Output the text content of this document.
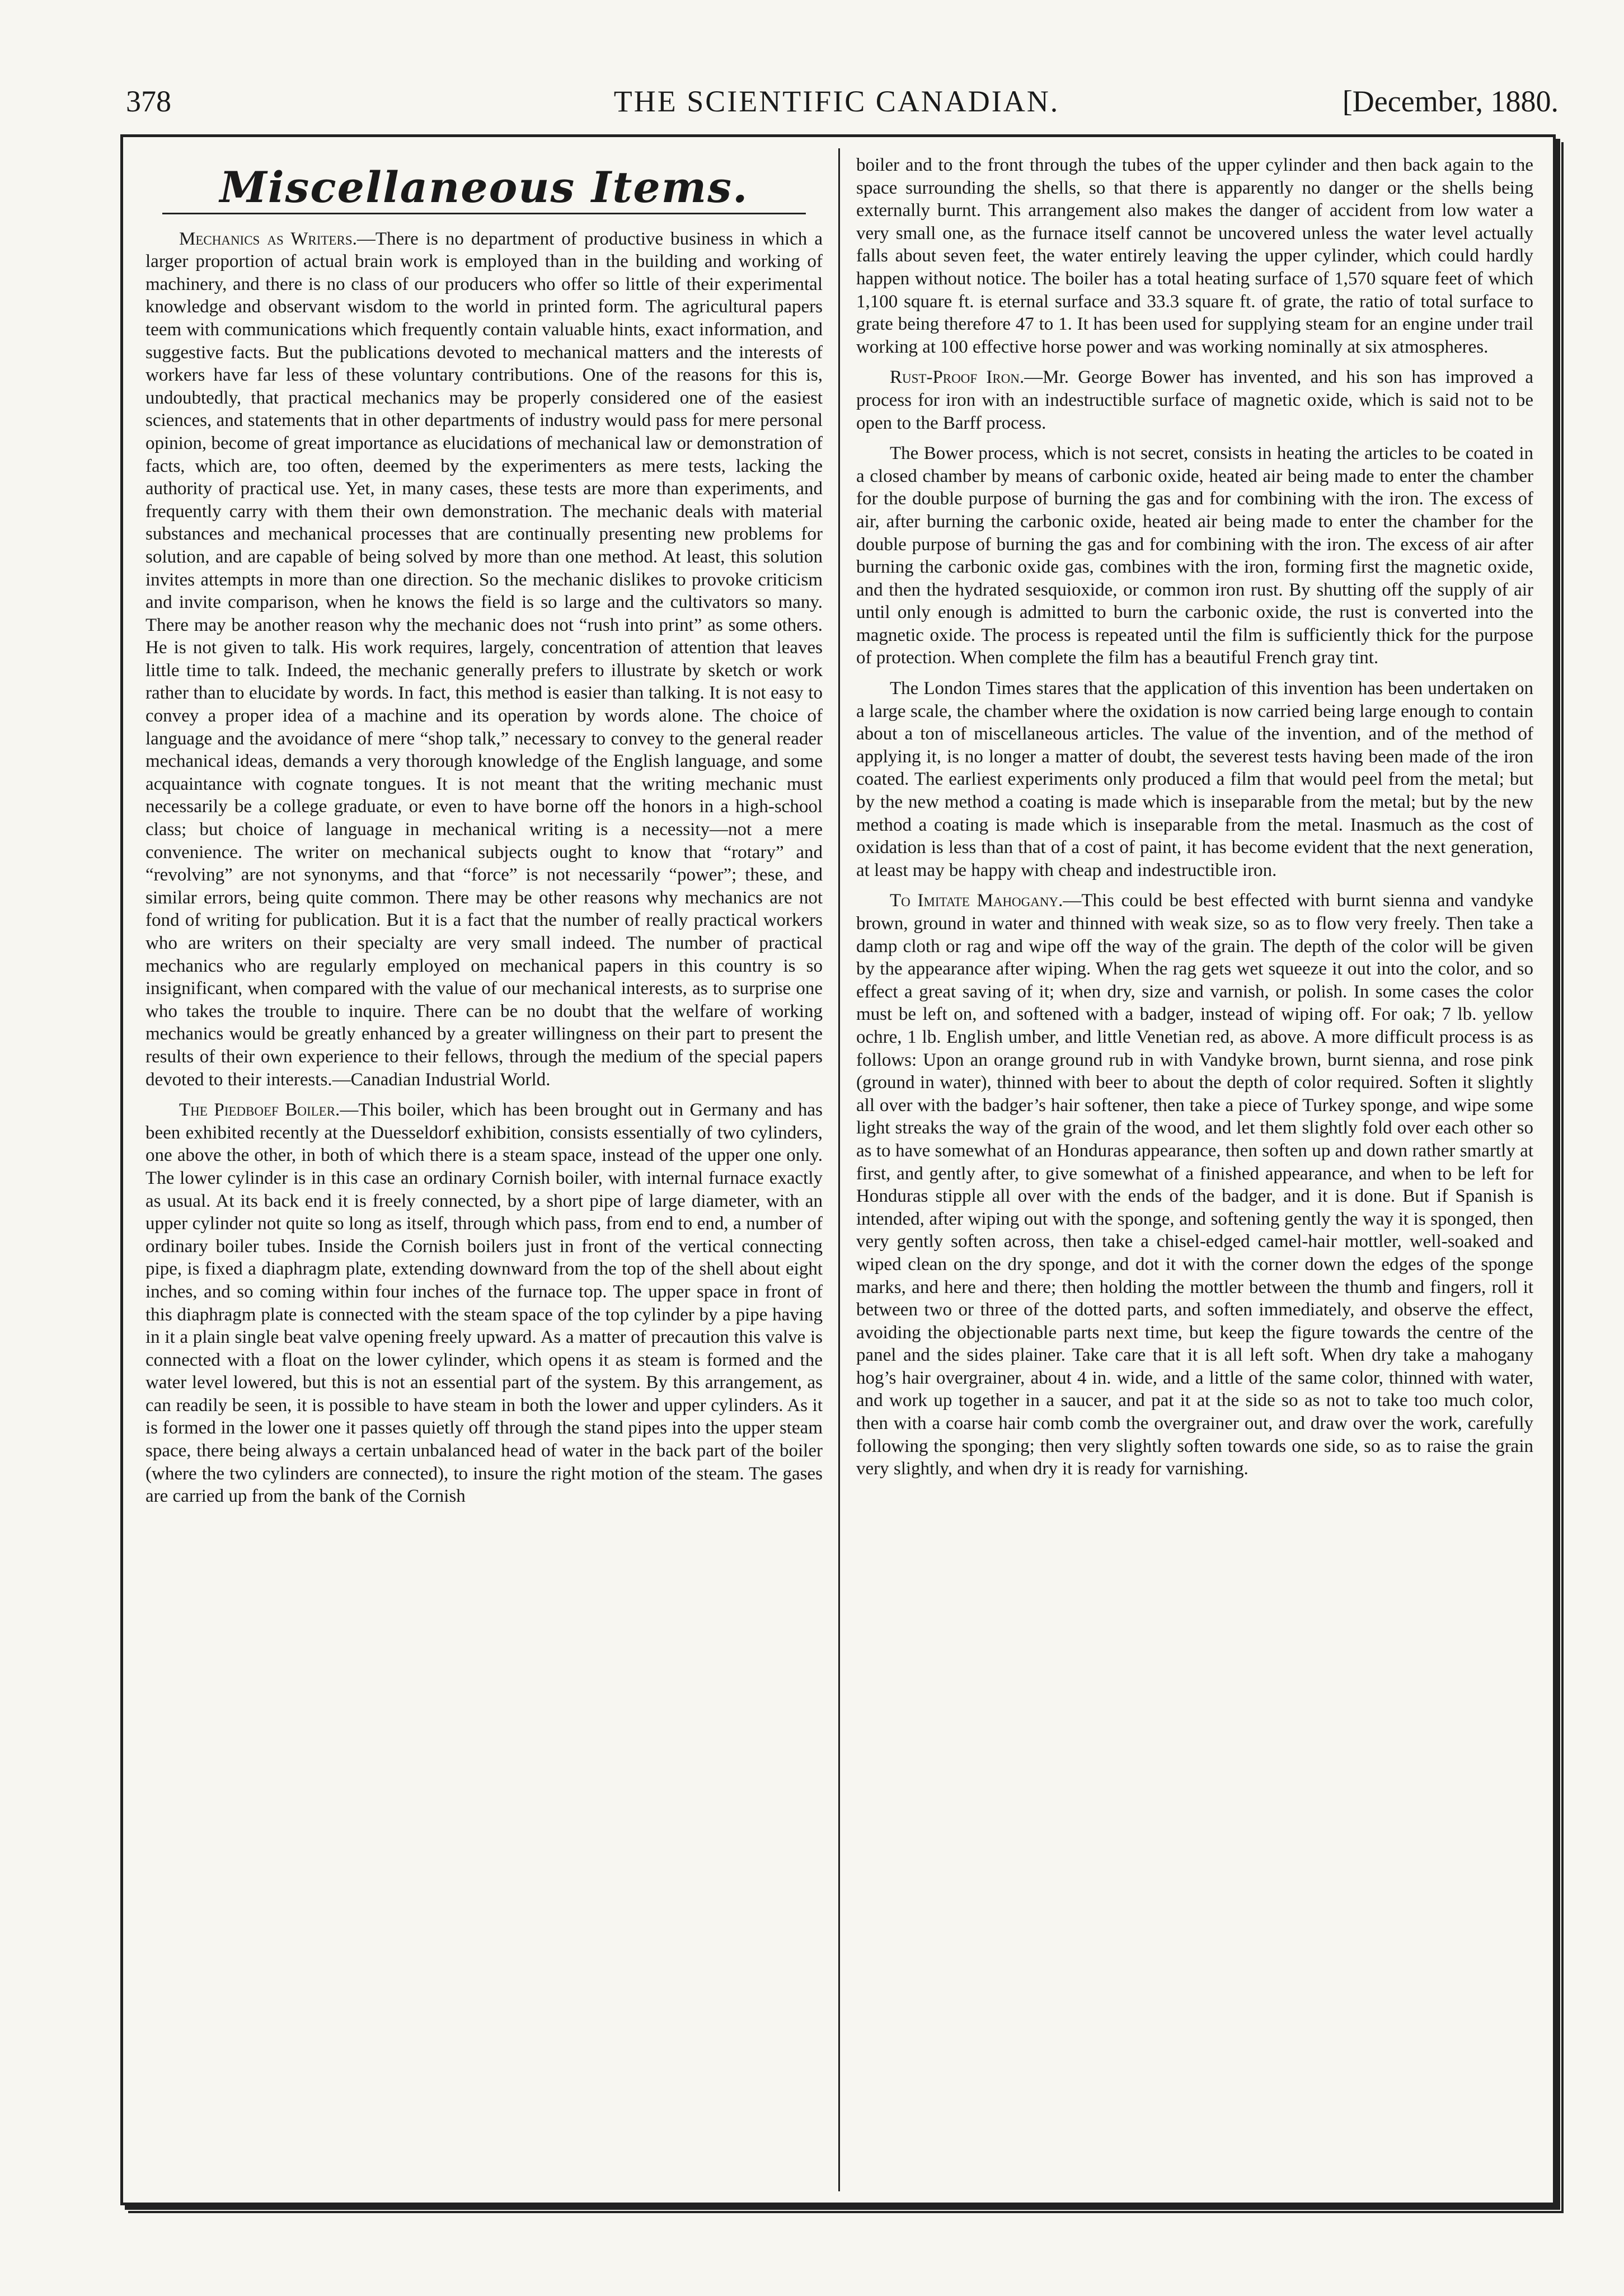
378	THE SCIENTIFIC CANADIAN.	[December, 1880.
Miscellaneous Items.

Mechanics as Writers.—There is no department of productive business in which a larger proportion of actual brain work is employed than in the building and working of machinery, and there is no class of our producers who offer so little of their experimental knowledge and observant wisdom to the world in printed form. The agricultural papers teem with communications which frequently contain valuable hints, exact information, and suggestive facts. But the publications devoted to mechanical matters and the interests of workers have far less of these voluntary contributions. One of the reasons for this is, undoubtedly, that practical mechanics may be properly considered one of the easiest sciences, and statements that in other departments of industry would pass for mere personal opinion, become of great importance as elucidations of mechanical law or demonstration of facts, which are, too often, deemed by the experimenters as mere tests, lacking the authority of practical use. Yet, in many cases, these tests are more than experiments, and frequently carry with them their own demonstration. The mechanic deals with material substances and mechanical processes that are continually presenting new problems for solution, and are capable of being solved by more than one method. At least, this solution invites attempts in more than one direction. So the mechanic dislikes to provoke criticism and invite comparison, when he knows the field is so large and the cultivators so many. There may be another reason why the mechanic does not “rush into print” as some others. He is not given to talk. His work requires, largely, concentration of attention that leaves little time to talk. Indeed, the mechanic generally prefers to illustrate by sketch or work rather than to elucidate by words. In fact, this method is easier than talking. It is not easy to convey a proper idea of a machine and its operation by words alone. The choice of language and the avoidance of mere “shop talk,” necessary to convey to the general reader mechanical ideas, demands a very thorough knowledge of the English language, and some acquaintance with cognate tongues. It is not meant that the writing mechanic must necessarily be a college graduate, or even to have borne off the honors in a high-school class; but choice of language in mechanical writing is a necessity—not a mere convenience. The writer on mechanical subjects ought to know that “rotary” and “revolving” are not synonyms, and that “force” is not necessarily “power”; these, and similar errors, being quite common. There may be other reasons why mechanics are not fond of writing for publication. But it is a fact that the number of really practical workers who are writers on their specialty are very small indeed. The number of practical mechanics who are regularly employed on mechanical papers in this country is so insignificant, when compared with the value of our mechanical interests, as to surprise one who takes the trouble to inquire. There can be no doubt that the welfare of working mechanics would be greatly enhanced by a greater willingness on their part to present the results of their own experience to their fellows, through the medium of the special papers devoted to their interests.—Canadian Industrial World.

The Piedboef Boiler.—This boiler, which has been brought out in Germany and has been exhibited recently at the Duesseldorf exhibition, consists essentially of two cylinders, one above the other, in both of which there is a steam space, instead of the upper one only. The lower cylinder is in this case an ordinary Cornish boiler, with internal furnace exactly as usual. At its back end it is freely connected, by a short pipe of large diameter, with an upper cylinder not quite so long as itself, through which pass, from end to end, a number of ordinary boiler tubes. Inside the Cornish boilers just in front of the vertical connecting pipe, is fixed a diaphragm plate, extending downward from the top of the shell about eight inches, and so coming within four inches of the furnace top. The upper space in front of this diaphragm plate is connected with the steam space of the top cylinder by a pipe having in it a plain single beat valve opening freely upward. As a matter of precaution this valve is connected with a float on the lower cylinder, which opens it as steam is formed and the water level lowered, but this is not an essential part of the system. By this arrangement, as can readily be seen, it is possible to have steam in both the lower and upper cylinders. As it is formed in the lower one it passes quietly off through the stand pipes into the upper steam space, there being always a certain unbalanced head of water in the back part of the boiler (where the two cylinders are connected), to insure the right motion of the steam. The gases are carried up from the bank of the Cornish

boiler and to the front through the tubes of the upper cylinder and then back again to the space surrounding the shells, so that there is apparently no danger or the shells being externally burnt. This arrangement also makes the danger of accident from low water a very small one, as the furnace itself cannot be uncovered unless the water level actually falls about seven feet, the water entirely leaving the upper cylinder, which could hardly happen without notice. The boiler has a total heating surface of 1,570 square feet of which 1,100 square ft. is eternal surface and 33.3 square ft. of grate, the ratio of total surface to grate being therefore 47 to 1. It has been used for supplying steam for an engine under trail working at 100 effective horse power and was working nominally at six atmospheres.

Rust-Proof Iron.—Mr. George Bower has invented, and his son has improved a process for iron with an indestructible surface of magnetic oxide, which is said not to be open to the Barff process.

The Bower process, which is not secret, consists in heating the articles to be coated in a closed chamber by means of carbonic oxide, heated air being made to enter the chamber for the double purpose of burning the gas and for combining with the iron. The excess of air, after burning the carbonic oxide, heated air being made to enter the chamber for the double purpose of burning the gas and for combining with the iron. The excess of air after burning the carbonic oxide gas, combines with the iron, forming first the magnetic oxide, and then the hydrated sesquioxide, or common iron rust. By shutting off the supply of air until only enough is admitted to burn the carbonic oxide, the rust is converted into the magnetic oxide. The process is repeated until the film is sufficiently thick for the purpose of protection. When complete the film has a beautiful French gray tint.

The London Times stares that the application of this invention has been undertaken on a large scale, the chamber where the oxidation is now carried being large enough to contain about a ton of miscellaneous articles. The value of the invention, and of the method of applying it, is no longer a matter of doubt, the severest tests having been made of the iron coated. The earliest experiments only produced a film that would peel from the metal; but by the new method a coating is made which is inseparable from the metal; but by the new method a coating is made which is inseparable from the metal. Inasmuch as the cost of oxidation is less than that of a cost of paint, it has become evident that the next generation, at least may be happy with cheap and indestructible iron.

To Imitate Mahogany.—This could be best effected with burnt sienna and vandyke brown, ground in water and thinned with weak size, so as to flow very freely. Then take a damp cloth or rag and wipe off the way of the grain. The depth of the color will be given by the appearance after wiping. When the rag gets wet squeeze it out into the color, and so effect a great saving of it; when dry, size and varnish, or polish. In some cases the color must be left on, and softened with a badger, instead of wiping off. For oak; 7 lb. yellow ochre, 1 lb. English umber, and little Venetian red, as above. A more difficult process is as follows: Upon an orange ground rub in with Vandyke brown, burnt sienna, and rose pink (ground in water), thinned with beer to about the depth of color required. Soften it slightly all over with the badger’s hair softener, then take a piece of Turkey sponge, and wipe some light streaks the way of the grain of the wood, and let them slightly fold over each other so as to have somewhat of an Honduras appearance, then soften up and down rather smartly at first, and gently after, to give somewhat of a finished appearance, and when to be left for Honduras stipple all over with the ends of the badger, and it is done. But if Spanish is intended, after wiping out with the sponge, and softening gently the way it is sponged, then very gently soften across, then take a chisel-edged camel-hair mottler, well-soaked and wiped clean on the dry sponge, and dot it with the corner down the edges of the sponge marks, and here and there; then holding the mottler between the thumb and fingers, roll it between two or three of the dotted parts, and soften immediately, and observe the effect, avoiding the objectionable parts next time, but keep the figure towards the centre of the panel and the sides plainer. Take care that it is all left soft. When dry take a mahogany hog’s hair overgrainer, about 4 in. wide, and a little of the same color, thinned with water, and work up together in a saucer, and pat it at the side so as not to take too much color, then with a coarse hair comb comb the overgrainer out, and draw over the work, carefully following the sponging; then very slightly soften towards one side, so as to raise the grain very slightly, and when dry it is ready for varnishing.
